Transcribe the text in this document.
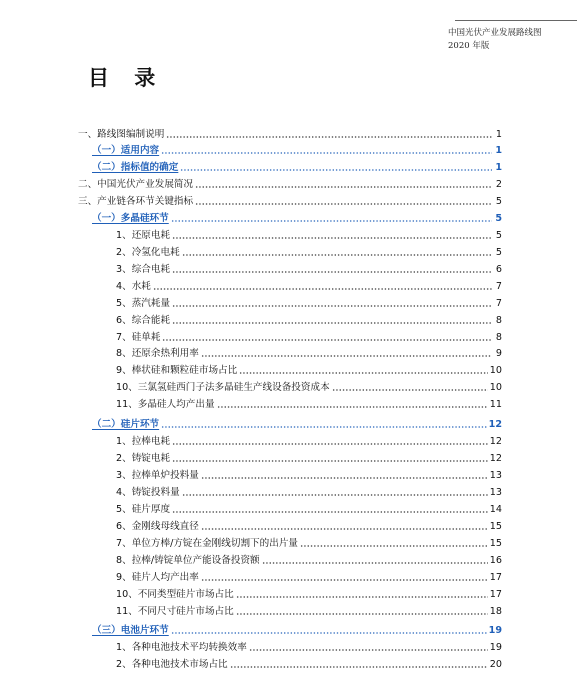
中国光伏产业发展路线图
2020 年版
目 录
一、路线图编制说明	1
（一）适用内容	1
（二）指标值的确定	1
二、中国光伏产业发展简况	2
三、产业链各环节关键指标	5
（一）多晶硅环节	5
1、还原电耗	5
2、冷氢化电耗	5
3、综合电耗	6
4、水耗	7
5、蒸汽耗量	7
6、综合能耗	8
7、硅单耗	8
8、还原余热利用率	9
9、棒状硅和颗粒硅市场占比	10
10、三氯氢硅西门子法多晶硅生产线设备投资成本	10
11、多晶硅人均产出量	11
（二）硅片环节	12
1、拉棒电耗	12
2、铸锭电耗	12
3、拉棒单炉投料量	13
4、铸锭投料量	13
5、硅片厚度	14
6、金刚线母线直径	15
7、单位方棒/方锭在金刚线切割下的出片量	15
8、拉棒/铸锭单位产能设备投资额	16
9、硅片人均产出率	17
10、不同类型硅片市场占比	17
11、不同尺寸硅片市场占比	18
（三）电池片环节	19
1、各种电池技术平均转换效率	19
2、各种电池技术市场占比	20
